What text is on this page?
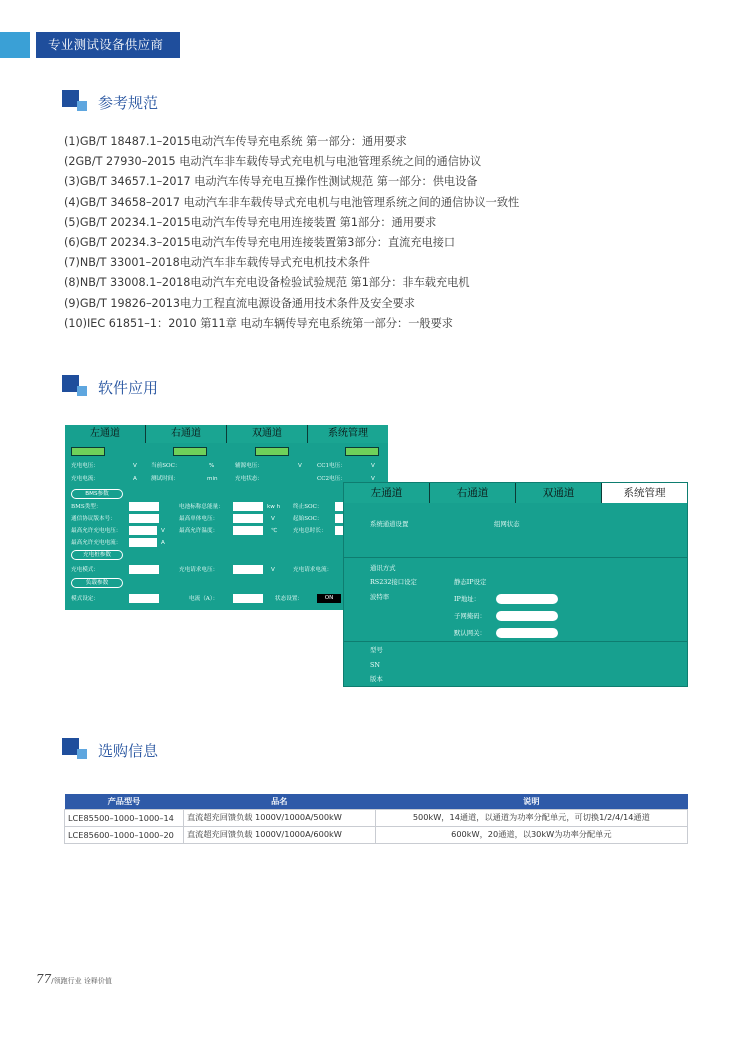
专业测试设备供应商
参考规范
(1)GB/T 18487.1–2015电动汽车传导充电系统 第一部分：通用要求
(2GB/T 27930–2015 电动汽车非车载传导式充电机与电池管理系统之间的通信协议
(3)GB/T 34657.1–2017 电动汽车传导充电互操作性测试规范 第一部分：供电设备
(4)GB/T 34658–2017 电动汽车非车载传导式充电机与电池管理系统之间的通信协议一致性
(5)GB/T 20234.1–2015电动汽车传导充电用连接装置 第1部分：通用要求
(6)GB/T 20234.3–2015电动汽车传导充电用连接装置第3部分：直流充电接口
(7)NB/T 33001–2018电动汽车非车载传导式充电机技术条件
(8)NB/T 33008.1–2018电动汽车充电设备检验试验规范 第1部分：非车载充电机
(9)GB/T 19826–2013电力工程直流电源设备通用技术条件及安全要求
(10)IEC 61851–1：2010 第11章 电动车辆传导充电系统第一部分：一般要求
软件应用
左通道	右通道	双通道	系统管理
充电电压：	V	当前SOC：	%	辅源电压：	V	CC1电压：	V
充电电流：	A	测试时间：	min	充电状态：	CC2电压：	V
BMS参数
BMS类型：	电池标称总能量：	kw h 终止SOC：
通信协议版本号：	最高单体电压：	V	起始SOC：
最高允许充电电压：	V	最高允许温度：	℃	充电总时长：
最高允许充电电流：	A
充电桩参数
充电模式：	充电请求电压：	V	充电请求电流：
负载参数
模式设定：	电流（A）：	状态设置：	ON
左通道	右通道	双通道	系统管理
系统通道设置	组网状态
通讯方式
RS232接口设定	静态IP设定
波特率	IP地址：
子网掩码：
默认网关：
型号
SN
版本
选购信息
产品型号	品名	说明
LCE85500–1000–1000–14	直流超充回馈负载 1000V/1000A/500kW	500kW，14通道，以通道为功率分配单元，可切换1/2/4/14通道
LCE85600–1000–1000–20	直流超充回馈负载 1000V/1000A/600kW	600kW，20通道，以30kW为功率分配单元
77/领跑行业 诠释价值
